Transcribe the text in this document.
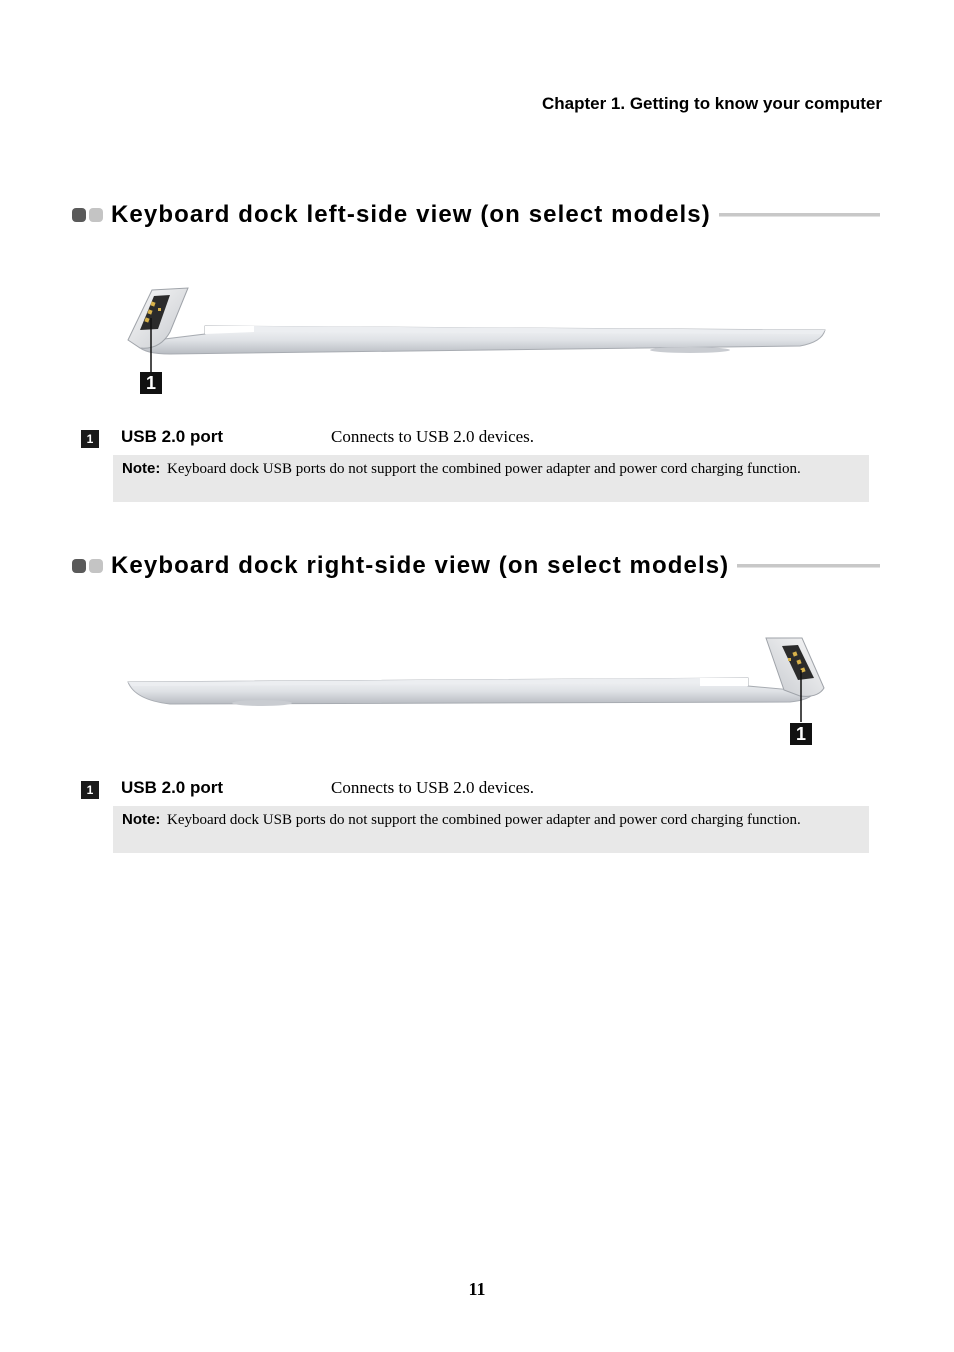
Chapter 1. Getting to know your computer
Keyboard dock left-side view (on select models)
1
1	USB 2.0 port	Connects to USB 2.0 devices.
Note: Keyboard dock USB ports do not support the combined power adapter and power cord charging function.
Keyboard dock right-side view (on select models)
1
1	USB 2.0 port	Connects to USB 2.0 devices.
Note: Keyboard dock USB ports do not support the combined power adapter and power cord charging function.
11
